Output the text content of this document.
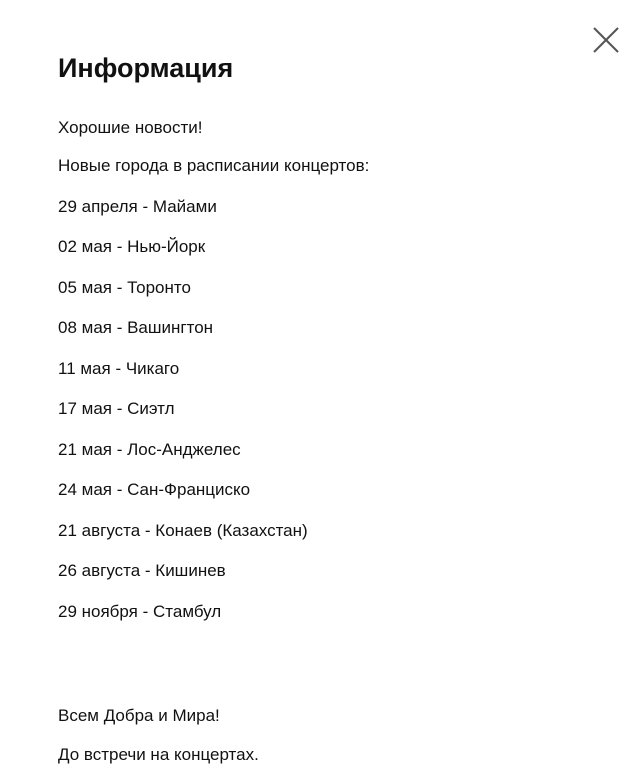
Информация

Хорошие новости!

Новые города в расписании концертов:

29 апреля - Майами

02 мая - Нью-Йорк

05 мая - Торонто

08 мая - Вашингтон

11 мая - Чикаго

17 мая - Сиэтл

21 мая - Лос-Анджелес

24 мая - Сан-Франциско

21 августа - Конаев (Казахстан)

26 августа - Кишинев

29 ноября - Стамбул

Всем Добра и Мира!

До встречи на концертах.
